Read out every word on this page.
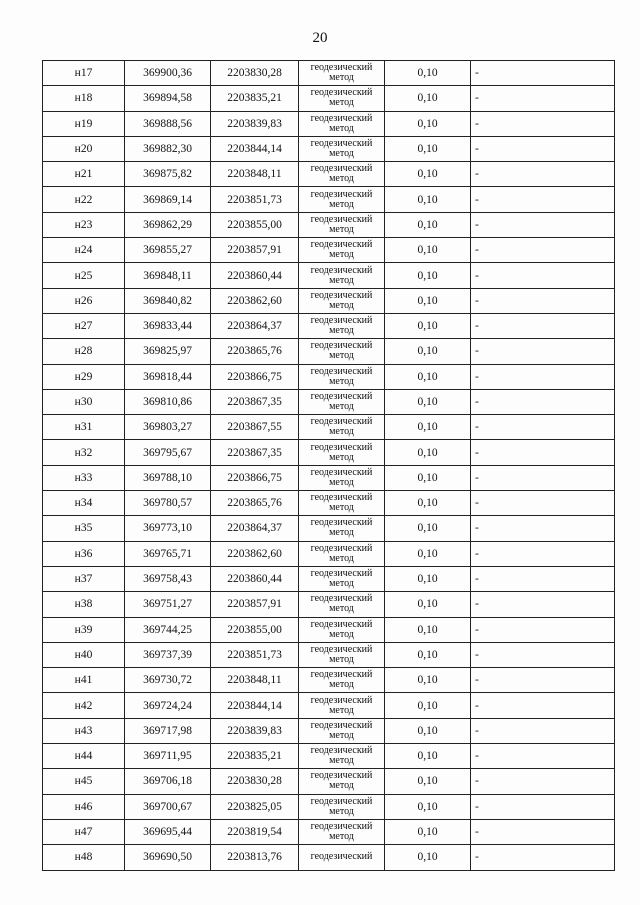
20
н17	369900,36	2203830,28	геодезический метод	0,10	-
н18	369894,58	2203835,21	геодезический метод	0,10	-
н19	369888,56	2203839,83	геодезический метод	0,10	-
н20	369882,30	2203844,14	геодезический метод	0,10	-
н21	369875,82	2203848,11	геодезический метод	0,10	-
н22	369869,14	2203851,73	геодезический метод	0,10	-
н23	369862,29	2203855,00	геодезический метод	0,10	-
н24	369855,27	2203857,91	геодезический метод	0,10	-
н25	369848,11	2203860,44	геодезический метод	0,10	-
н26	369840,82	2203862,60	геодезический метод	0,10	-
н27	369833,44	2203864,37	геодезический метод	0,10	-
н28	369825,97	2203865,76	геодезический метод	0,10	-
н29	369818,44	2203866,75	геодезический метод	0,10	-
н30	369810,86	2203867,35	геодезический метод	0,10	-
н31	369803,27	2203867,55	геодезический метод	0,10	-
н32	369795,67	2203867,35	геодезический метод	0,10	-
н33	369788,10	2203866,75	геодезический метод	0,10	-
н34	369780,57	2203865,76	геодезический метод	0,10	-
н35	369773,10	2203864,37	геодезический метод	0,10	-
н36	369765,71	2203862,60	геодезический метод	0,10	-
н37	369758,43	2203860,44	геодезический метод	0,10	-
н38	369751,27	2203857,91	геодезический метод	0,10	-
н39	369744,25	2203855,00	геодезический метод	0,10	-
н40	369737,39	2203851,73	геодезический метод	0,10	-
н41	369730,72	2203848,11	геодезический метод	0,10	-
н42	369724,24	2203844,14	геодезический метод	0,10	-
н43	369717,98	2203839,83	геодезический метод	0,10	-
н44	369711,95	2203835,21	геодезический метод	0,10	-
н45	369706,18	2203830,28	геодезический метод	0,10	-
н46	369700,67	2203825,05	геодезический метод	0,10	-
н47	369695,44	2203819,54	геодезический метод	0,10	-
н48	369690,50	2203813,76	геодезический	0,10	-
